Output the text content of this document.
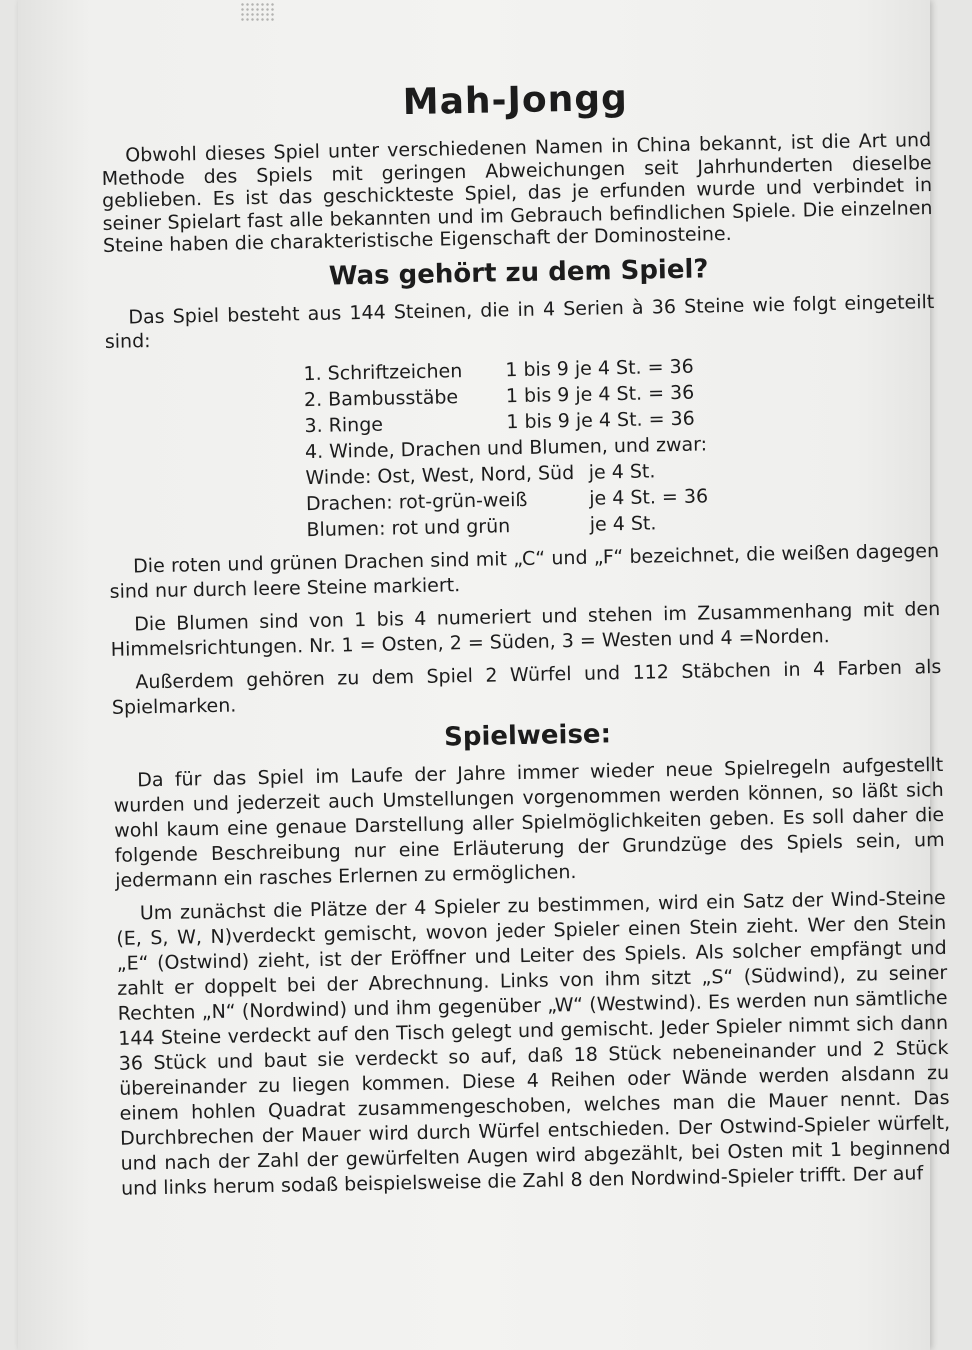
Mah-Jongg

Obwohl dieses Spiel unter verschiedenen Namen in China bekannt, ist die Art und Methode des Spiels mit geringen Abweichungen seit Jahrhunderten dieselbe geblieben. Es ist das geschickteste Spiel, das je erfunden wurde und verbindet in seiner Spielart fast alle bekannten und im Gebrauch befindlichen Spiele. Die einzelnen Steine haben die charakteristische Eigenschaft der Dominosteine.

Was gehört zu dem Spiel?

Das Spiel besteht aus 144 Steinen, die in 4 Serien à 36 Steine wie folgt eingeteilt sind:

1. Schriftzeichen	1 bis 9 je 4 St. = 36
2. Bambusstäbe	1 bis 9 je 4 St. = 36
3. Ringe	1 bis 9 je 4 St. = 36
4. Winde, Drachen und Blumen, und zwar:

Winde: Ost, West, Nord, Süd	je 4 St.
Drachen: rot-grün-weiß	je 4 St. = 36
Blumen: rot und grün	je 4 St.

Die roten und grünen Drachen sind mit „C“ und „F“ bezeichnet, die weißen dagegen sind nur durch leere Steine markiert.

Die Blumen sind von 1 bis 4 numeriert und stehen im Zusammenhang mit den Himmelsrichtungen. Nr. 1 = Osten, 2 = Süden, 3 = Westen und 4 =Norden.

Außerdem gehören zu dem Spiel 2 Würfel und 112 Stäbchen in 4 Farben als Spielmarken.

Spielweise:

Da für das Spiel im Laufe der Jahre immer wieder neue Spielregeln aufgestellt wurden und jederzeit auch Umstellungen vorgenommen werden können, so läßt sich wohl kaum eine genaue Darstellung aller Spielmöglichkeiten geben. Es soll daher die folgende Beschreibung nur eine Erläuterung der Grundzüge des Spiels sein, um jedermann ein rasches Erlernen zu ermöglichen.

Um zunächst die Plätze der 4 Spieler zu bestimmen, wird ein Satz der Wind-Steine (E, S, W, N)verdeckt gemischt, wovon jeder Spieler einen Stein zieht. Wer den Stein „E“ (Ostwind) zieht, ist der Eröffner und Leiter des Spiels. Als solcher empfängt und zahlt er doppelt bei der Abrechnung. Links von ihm sitzt „S“ (Südwind), zu seiner Rechten „N“ (Nordwind) und ihm gegenüber „W“ (Westwind). Es werden nun sämtliche 144 Steine verdeckt auf den Tisch gelegt und gemischt. Jeder Spieler nimmt sich dann 36 Stück und baut sie verdeckt so auf, daß 18 Stück nebeneinander und 2 Stück übereinander zu liegen kommen. Diese 4 Reihen oder Wände werden alsdann zu einem hohlen Quadrat zusammengeschoben, welches man die Mauer nennt. Das Durchbrechen der Mauer wird durch Würfel entschieden. Der Ostwind-Spieler würfelt, und nach der Zahl der gewürfelten Augen wird abgezählt, bei Osten mit 1 beginnend und links herum sodaß beispielsweise die Zahl 8 den Nordwind-Spieler trifft. Der auf
